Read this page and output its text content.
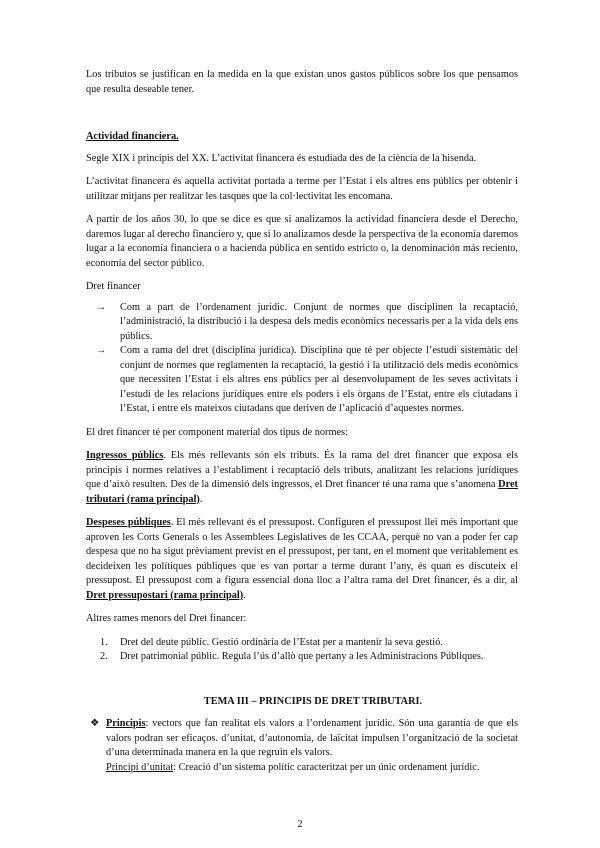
Los tributos se justifican en la medida en la que existan unos gastos públicos sobre los que pensamos que resulta deseable tener.

Actividad financiera.

Segle XIX i principis del XX. L’activitat financera és estudiada des de la ciència de la hisenda.

L’activitat financera és aquella activitat portada a terme per l’Estat i els altres ens públics per obtenir i utilitzar mitjans per realitzar les tasques que la col·lectivitat les encomana.

A partir de los años 30, lo que se dice es que si analizamos la actividad financiera desde el Derecho, daremos lugar al derecho financiero y, que si lo analizamos desde la perspectiva de la economía daremos lugar a la economía financiera o a hacienda pública en sentido estricto o, la denominación más reciento, economía del sector público.

Dret financer

→	Com a part de l’ordenament jurídic. Conjunt de normes que disciplinen la recaptació, l’administració, la distribució i la despesa dels medis econòmics necessaris per a la vida dels ens públics.
→	Com a rama del dret (disciplina jurídica). Disciplina que té per objecte l’estudi sistemàtic del conjunt de normes que reglamenten la recaptació, la gestió i la utilització dels medis econòmics que necessiten l’Estat i els altres ens públics per al desenvolupament de les seves activitats i l’estudi de les relacions jurídiques entre els poders i els òrgans de l’Estat, entre els ciutadans i l’Estat, i entre els mateixos ciutadans que deriven de l’aplicació d’aquestes normes.

El dret financer té per component material dos tipus de normes:

Ingressos públics. Els més rellevants són els tributs. És la rama del dret financer que exposa els principis i normes relatives a l’establiment i recaptació dels tributs, analitzant les relacions jurídiques que d’això resulten. Des de la dimensió dels ingressos, el Dret financer té una rama que s’anomena Dret tributari (rama principal).

Despeses públiques. El més rellevant és el pressupost. Configuren el pressupost llei més important que aproven les Corts Generals o les Assemblees Legislatives de les CCAA, perquè no van a poder fer cap despesa que no ha sigut prèviament previst en el pressupost, per tant, en el moment que veritablement es decideixen les polítiques públiques que es van portar a terme durant l’any, és quan es discuteix el pressupost. El pressupost com a figura essencial dona lloc a l’altra rama del Dret financer, és a dir, al Dret pressupostari (rama principal).

Altres rames menors del Dret financer:

1.	Dret del deute públic. Gestió ordinària de l’Estat per a mantenir la seva gestió.
2.	Dret patrimonial públic. Regula l’ús d’allò que pertany a les Administracions Públiques.

TEMA III – PRINCIPIS DE DRET TRIBUTARI.

❖ Principis: vectors que fan realitat els valors a l’ordenament jurídic. Són una garantia de que els valors podran ser eficaços. d’unitat, d’autonomia, de laïcitat impulsen l’organització de la societat d’una determinada manera en la que regruin els valors.

Principi d’unitat: Creació d’un sistema polític caracteritzat per un únic ordenament jurídic.

2
